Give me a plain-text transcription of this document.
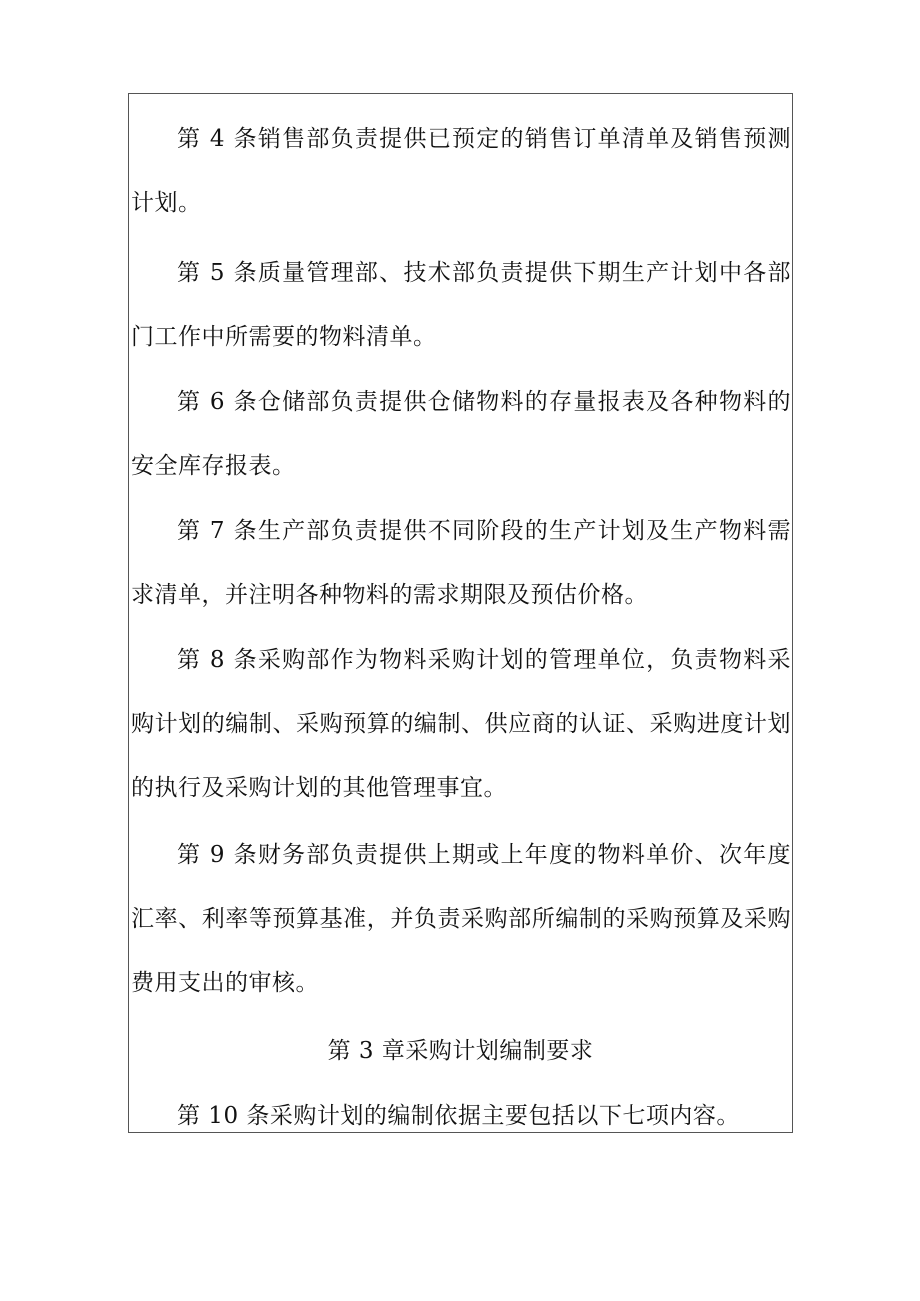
第 4 条销售部负责提供已预定的销售订单清单及销售预测计划。

第 5 条质量管理部、技术部负责提供下期生产计划中各部门工作中所需要的物料清单。

第 6 条仓储部负责提供仓储物料的存量报表及各种物料的安全库存报表。

第 7 条生产部负责提供不同阶段的生产计划及生产物料需求清单，并注明各种物料的需求期限及预估价格。

第 8 条采购部作为物料采购计划的管理单位，负责物料采购计划的编制、采购预算的编制、供应商的认证、采购进度计划的执行及采购计划的其他管理事宜。

第 9 条财务部负责提供上期或上年度的物料单价、次年度汇率、利率等预算基准，并负责采购部所编制的采购预算及采购费用支出的审核。

第 3 章采购计划编制要求

第 10 条采购计划的编制依据主要包括以下七项内容。
